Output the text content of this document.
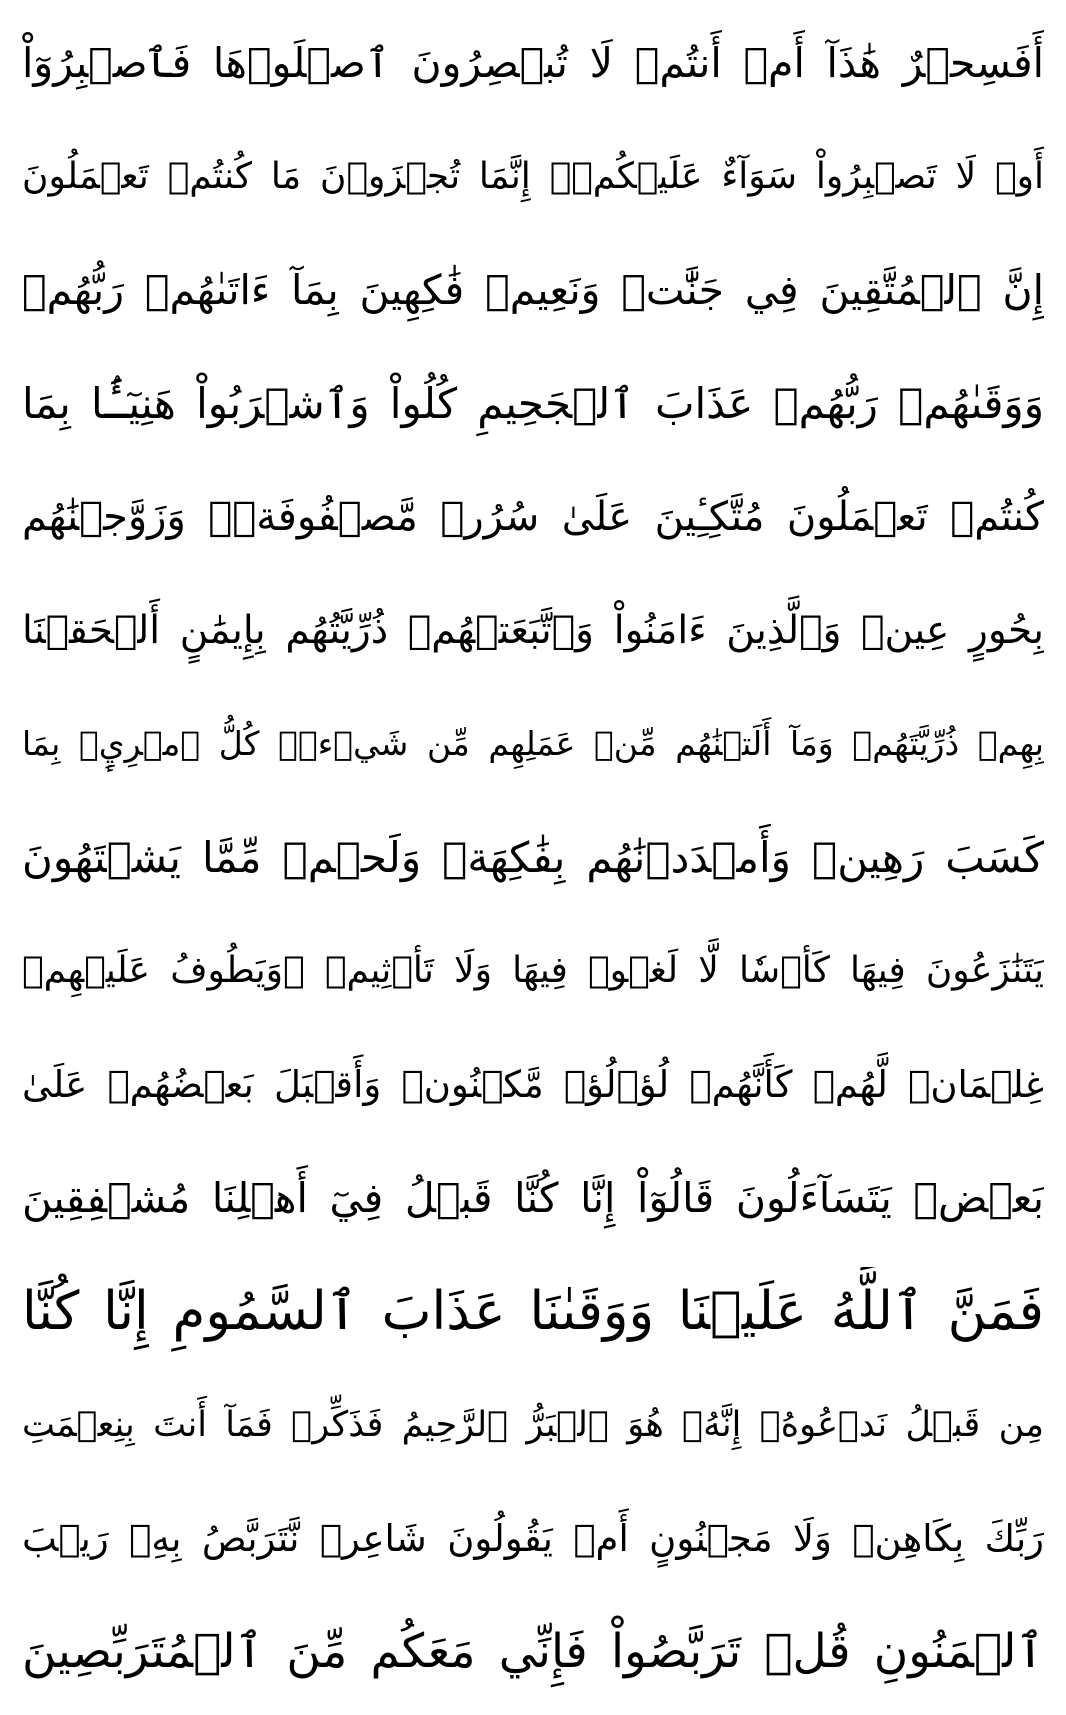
أَفَسِحۡرٌ هَٰذَآ أَمۡ أَنتُمۡ لَا تُبۡصِرُونَ ٱصۡلَوۡهَا فَٱصۡبِرُوٓاْ
أَوۡ لَا تَصۡبِرُواْ سَوَآءٌ عَلَيۡكُمۡۖ إِنَّمَا تُجۡزَوۡنَ مَا كُنتُمۡ تَعۡمَلُونَ
إِنَّ ٱلۡمُتَّقِينَ فِي جَنَّٰتٖ وَنَعِيمٖ فَٰكِهِينَ بِمَآ ءَاتَىٰهُمۡ رَبُّهُمۡ
وَوَقَىٰهُمۡ رَبُّهُمۡ عَذَابَ ٱلۡجَحِيمِ كُلُواْ وَٱشۡرَبُواْ هَنِيٓـَٔۢا بِمَا
كُنتُمۡ تَعۡمَلُونَ مُتَّكِـِٔينَ عَلَىٰ سُرُرٖ مَّصۡفُوفَةٖۖ وَزَوَّجۡنَٰهُم
بِحُورٍ عِينٖ وَٱلَّذِينَ ءَامَنُواْ وَٱتَّبَعَتۡهُمۡ ذُرِّيَّتُهُم بِإِيمَٰنٍ أَلۡحَقۡنَا
بِهِمۡ ذُرِّيَّتَهُمۡ وَمَآ أَلَتۡنَٰهُم مِّنۡ عَمَلِهِم مِّن شَيۡءٖۚ كُلُّ ٱمۡرِيِٕۭ بِمَا
كَسَبَ رَهِينٞ وَأَمۡدَدۡنَٰهُم بِفَٰكِهَةٖ وَلَحۡمٖ مِّمَّا يَشۡتَهُونَ
يَتَنَٰزَعُونَ فِيهَا كَأۡسٗا لَّا لَغۡوٞ فِيهَا وَلَا تَأۡثِيمٞ ۞وَيَطُوفُ عَلَيۡهِمۡ
غِلۡمَانٞ لَّهُمۡ كَأَنَّهُمۡ لُؤۡلُؤٞ مَّكۡنُونٞ وَأَقۡبَلَ بَعۡضُهُمۡ عَلَىٰ
بَعۡضٖ يَتَسَآءَلُونَ قَالُوٓاْ إِنَّا كُنَّا قَبۡلُ فِيٓ أَهۡلِنَا مُشۡفِقِينَ
فَمَنَّ ٱللَّهُ عَلَيۡنَا وَوَقَىٰنَا عَذَابَ ٱلسَّمُومِ إِنَّا كُنَّا
مِن قَبۡلُ نَدۡعُوهُۖ إِنَّهُۥ هُوَ ٱلۡبَرُّ ٱلرَّحِيمُ فَذَكِّرۡ فَمَآ أَنتَ بِنِعۡمَتِ
رَبِّكَ بِكَاهِنٖ وَلَا مَجۡنُونٍ أَمۡ يَقُولُونَ شَاعِرٞ نَّتَرَبَّصُ بِهِۦ رَيۡبَ
ٱلۡمَنُونِ قُلۡ تَرَبَّصُواْ فَإِنِّي مَعَكُم مِّنَ ٱلۡمُتَرَبِّصِينَ
